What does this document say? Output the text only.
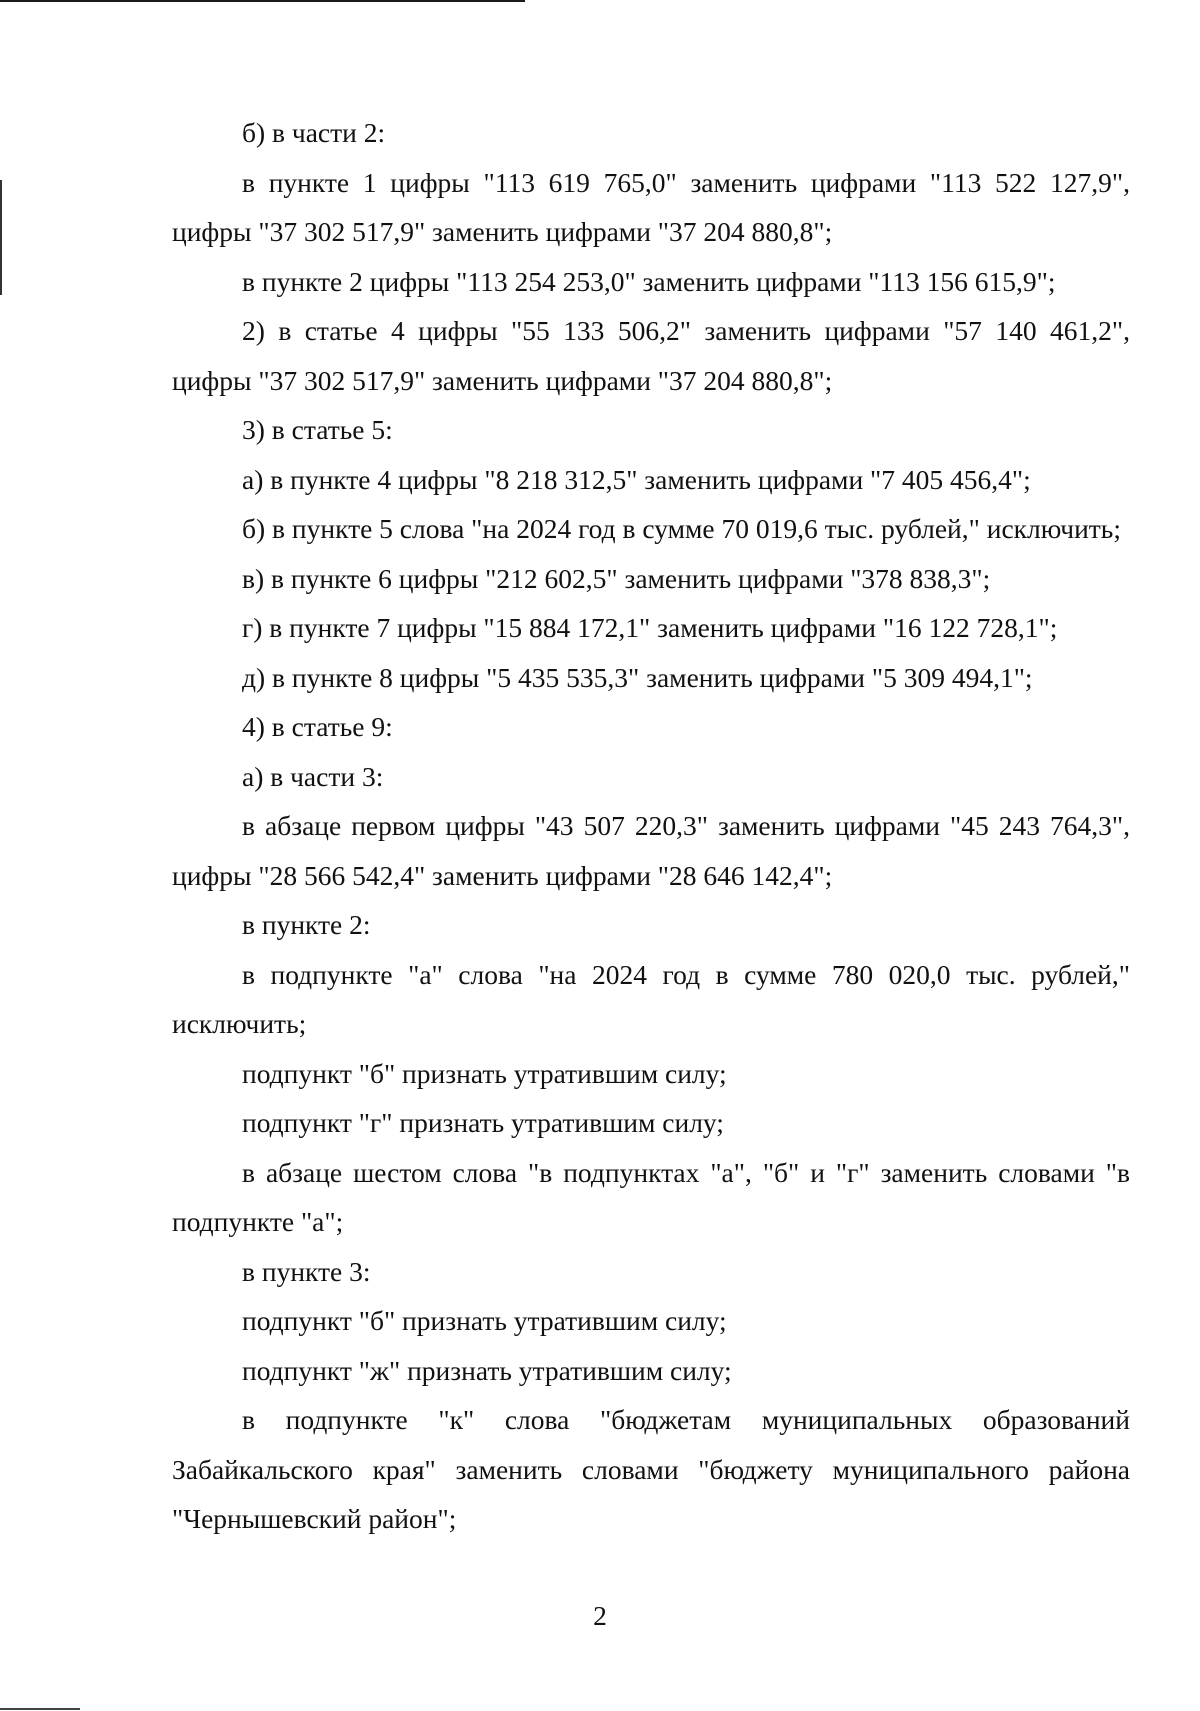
б) в части 2:

в пункте 1 цифры "113 619 765,0" заменить цифрами "113 522 127,9", цифры "37 302 517,9" заменить цифрами "37 204 880,8";

в пункте 2 цифры "113 254 253,0" заменить цифрами "113 156 615,9";

2) в статье 4 цифры "55 133 506,2" заменить цифрами "57 140 461,2", цифры "37 302 517,9" заменить цифрами "37 204 880,8";

3) в статье 5:

а) в пункте 4 цифры "8 218 312,5" заменить цифрами "7 405 456,4";

б) в пункте 5 слова "на 2024 год в сумме 70 019,6 тыс. рублей," исключить;

в) в пункте 6 цифры "212 602,5" заменить цифрами "378 838,3";

г) в пункте 7 цифры "15 884 172,1" заменить цифрами "16 122 728,1";

д) в пункте 8 цифры "5 435 535,3" заменить цифрами "5 309 494,1";

4) в статье 9:

а) в части 3:

в абзаце первом цифры "43 507 220,3" заменить цифрами "45 243 764,3", цифры "28 566 542,4" заменить цифрами "28 646 142,4";

в пункте 2:

в подпункте "а" слова "на 2024 год в сумме 780 020,0 тыс. рублей," исключить;

подпункт "б" признать утратившим силу;

подпункт "г" признать утратившим силу;

в абзаце шестом слова "в подпунктах "а", "б" и "г" заменить словами "в подпункте "а";

в пункте 3:

подпункт "б" признать утратившим силу;

подпункт "ж" признать утратившим силу;

в подпункте "к" слова "бюджетам муниципальных образований Забайкальского края" заменить словами "бюджету муниципального района "Чернышевский район";

2
